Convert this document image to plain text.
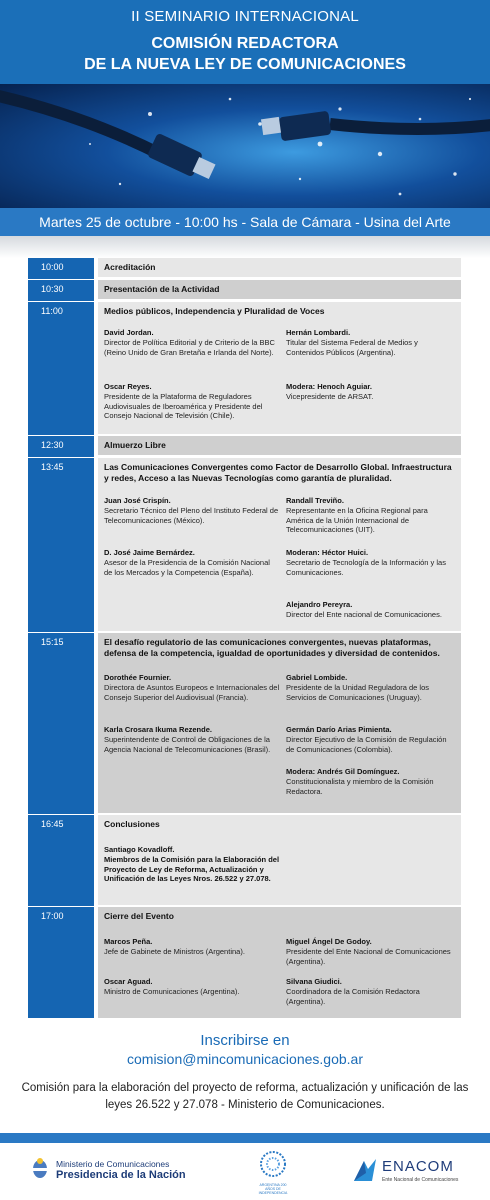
II SEMINARIO INTERNACIONAL
COMISIÓN REDACTORA
DE LA NUEVA LEY DE COMUNICACIONES
Martes 25 de octubre - 10:00 hs - Sala de Cámara - Usina del Arte
10:00	Acreditación
10:30	Presentación de la Actividad
11:00	Medios públicos, Independencia y Pluralidad de Voces
David Jordan.
Director de Política Editorial y de Criterio de la BBC (Reino Unido de Gran Bretaña e Irlanda del Norte).
Hernán Lombardi.
Titular del Sistema Federal de Medios y Contenidos Públicos (Argentina).
Oscar Reyes.
Presidente de la Plataforma de Reguladores Audiovisuales de Iberoamérica y Presidente del Consejo Nacional de Televisión (Chile).
Modera: Henoch Aguiar.
Vicepresidente de ARSAT.
12:30	Almuerzo Libre
13:45	Las Comunicaciones Convergentes como Factor de Desarrollo Global. Infraestructura y redes, Acceso a las Nuevas Tecnologías como garantía de pluralidad.
Juan José Crispín.
Secretario Técnico del Pleno del Instituto Federal de Telecomunicaciones (México).
Randall Treviño.
Representante en la Oficina Regional para América de la Unión Internacional de Telecomunicaciones (UIT).
D. José Jaime Bernárdez.
Asesor de la Presidencia de la Comisión Nacional de los Mercados y la Competencia (España).
Moderan: Héctor Huici.
Secretario de Tecnología de la Información y las Comunicaciones.
Alejandro Pereyra.
Director del Ente nacional de Comunicaciones.
15:15	El desafío regulatorio de las comunicaciones convergentes, nuevas plataformas, defensa de la competencia, igualdad de oportunidades y diversidad de contenidos.
Dorothée Fournier.
Directora de Asuntos Europeos e Internacionales del Consejo Superior del Audiovisual (Francia).
Gabriel Lombide.
Presidente de la Unidad Reguladora de los Servicios de Comunicaciones (Uruguay).
Karla Crosara Ikuma Rezende.
Superintendente de Control de Obligaciones de la Agencia Nacional de Telecomunicaciones (Brasil).
Germán Darío Arias Pimienta.
Director Ejecutivo de la Comisión de Regulación de Comunicaciones (Colombia).
Modera: Andrés Gil Domínguez.
Constitucionalista y miembro de la Comisión Redactora.
16:45	Conclusiones
Santiago Kovadloff.
Miembros de la Comisión para la Elaboración del Proyecto de Ley de Reforma, Actualización y Unificación de las Leyes Nros. 26.522 y 27.078.
17:00	Cierre del Evento
Marcos Peña.
Jefe de Gabinete de Ministros (Argentina).
Miguel Ángel De Godoy.
Presidente del Ente Nacional de Comunicaciones (Argentina).
Oscar Aguad.
Ministro de Comunicaciones (Argentina).
Silvana Giudici.
Coordinadora de la Comisión Redactora (Argentina).
Inscribirse en
comision@mincomunicaciones.gob.ar
Comisión para la elaboración del proyecto de reforma, actualización y unificación de las leyes 26.522 y 27.078 - Ministerio de Comunicaciones.
Ministerio de Comunicaciones
Presidencia de la Nación
ARGENTINA 200 AÑOS DE INDEPENDENCIA
ENACOM
Ente Nacional de Comunicaciones
